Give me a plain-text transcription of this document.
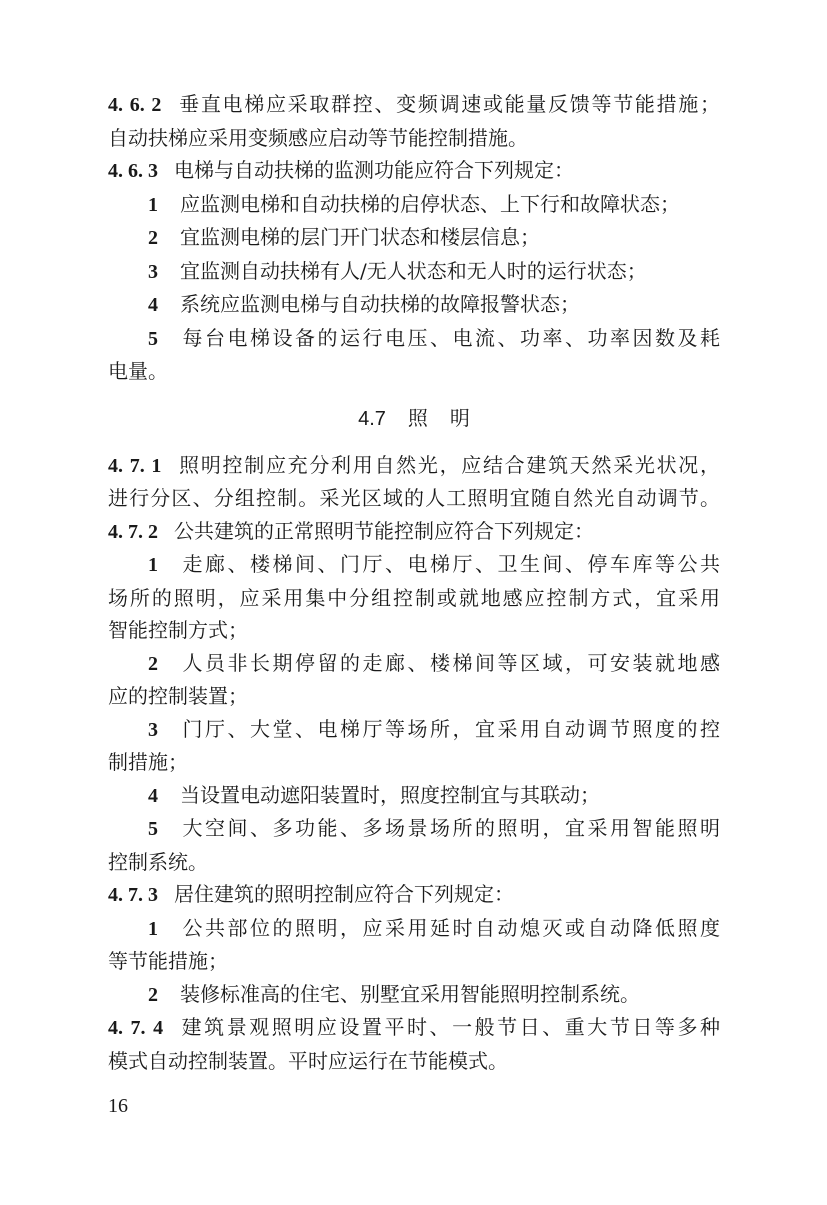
4. 6. 2 垂直电梯应采取群控、变频调速或能量反馈等节能措施；
自动扶梯应采用变频感应启动等节能控制措施。
4. 6. 3 电梯与自动扶梯的监测功能应符合下列规定：
1 应监测电梯和自动扶梯的启停状态、上下行和故障状态；
2 宜监测电梯的层门开门状态和楼层信息；
3 宜监测自动扶梯有人/无人状态和无人时的运行状态；
4 系统应监测电梯与自动扶梯的故障报警状态；
5 每台电梯设备的运行电压、电流、功率、功率因数及耗
电量。
4.7 照明
4. 7. 1 照明控制应充分利用自然光，应结合建筑天然采光状况，
进行分区、分组控制。采光区域的人工照明宜随自然光自动调节。
4. 7. 2 公共建筑的正常照明节能控制应符合下列规定：
1 走廊、楼梯间、门厅、电梯厅、卫生间、停车库等公共
场所的照明，应采用集中分组控制或就地感应控制方式，宜采用
智能控制方式；
2 人员非长期停留的走廊、楼梯间等区域，可安装就地感
应的控制装置；
3 门厅、大堂、电梯厅等场所，宜采用自动调节照度的控
制措施；
4 当设置电动遮阳装置时，照度控制宜与其联动；
5 大空间、多功能、多场景场所的照明，宜采用智能照明
控制系统。
4. 7. 3 居住建筑的照明控制应符合下列规定：
1 公共部位的照明，应采用延时自动熄灭或自动降低照度
等节能措施；
2 装修标准高的住宅、别墅宜采用智能照明控制系统。
4. 7. 4 建筑景观照明应设置平时、一般节日、重大节日等多种
模式自动控制装置。平时应运行在节能模式。
16
